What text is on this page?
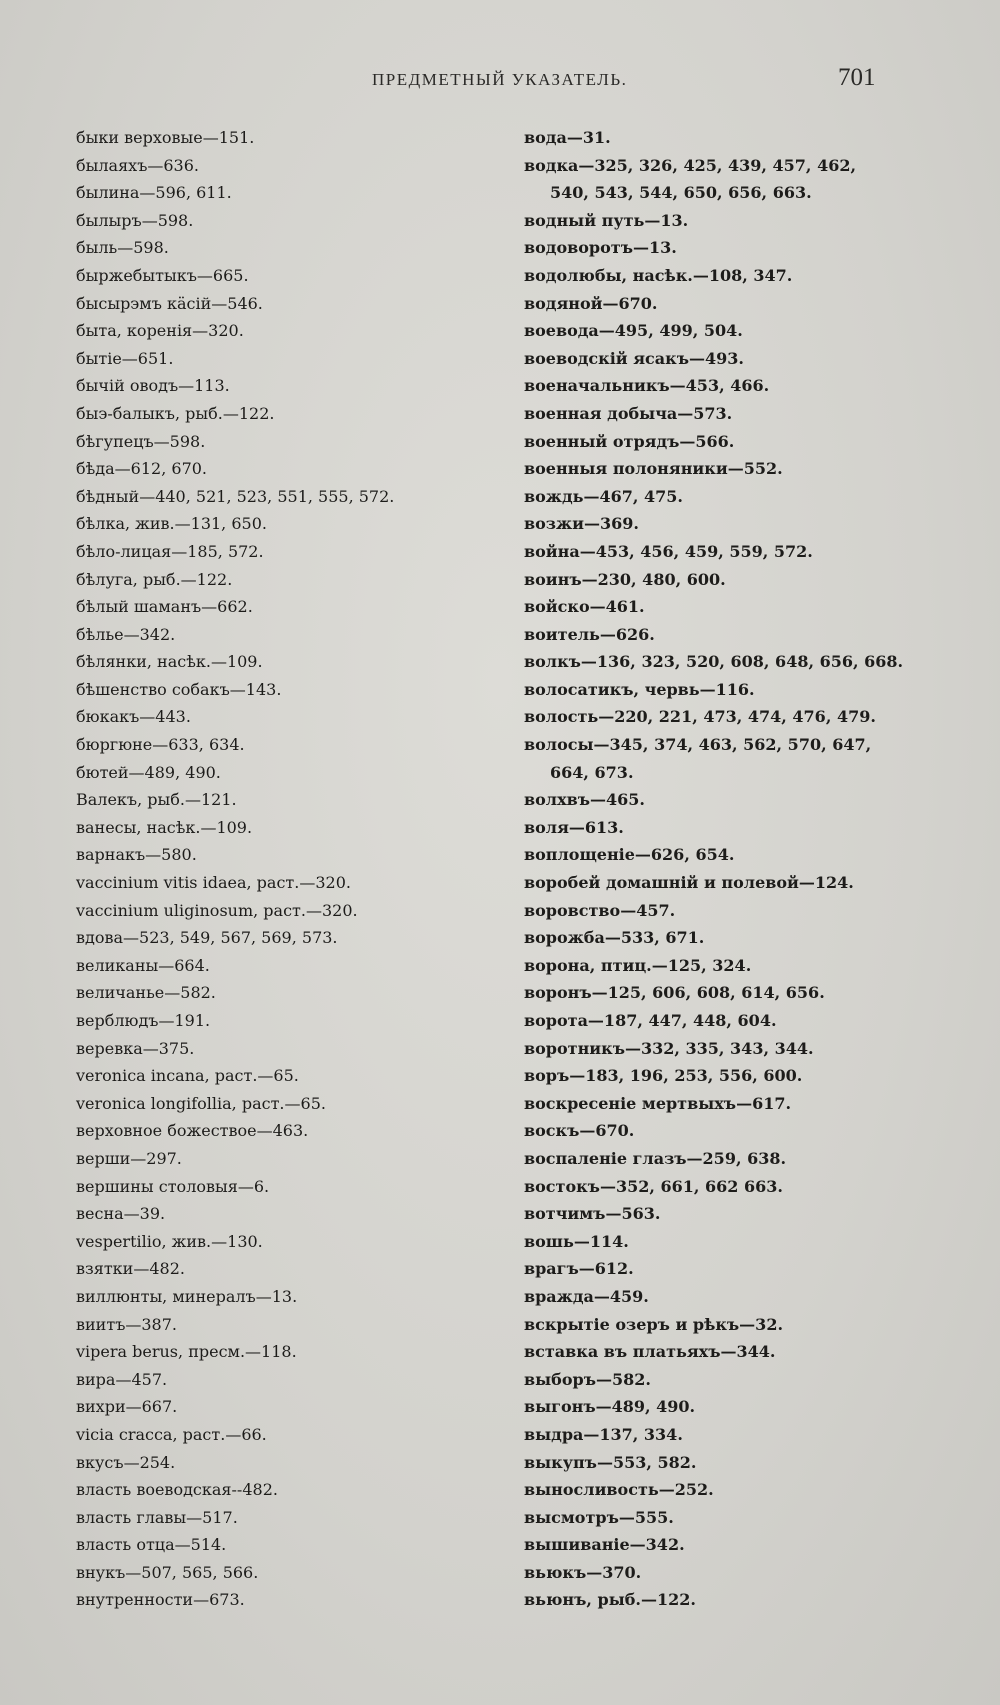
ПРЕДМЕТНЫЙ УКАЗАТЕЛЬ.	701
быки верховые—151.
былаяхъ—636.
былина—596, 611.
былыръ—598.
быль—598.
быржебытыкъ—665.
бысырэмъ кäсiй—546.
быта, коренiя—320.
бытiе—651.
бычiй оводъ—113.
быэ-балыкъ, рыб.—122.
бѣгупецъ—598.
бѣда—612, 670.
бѣдный—440, 521, 523, 551, 555, 572.
бѣлка, жив.—131, 650.
бѣло-лицая—185, 572.
бѣлуга, рыб.—122.
бѣлый шаманъ—662.
бѣлье—342.
бѣлянки, насѣк.—109.
бѣшенство собакъ—143.
бюкакъ—443.
бюргюне—633, 634.
бютей—489, 490.
Валекъ, рыб.—121.
ванесы, насѣк.—109.
варнакъ—580.
vaccinium vitis idaea, раст.—320.
vaccinium uliginosum, раст.—320.
вдова—523, 549, 567, 569, 573.
великаны—664.
величанье—582.
верблюдъ—191.
веревка—375.
veronica incana, раст.—65.
veronica longifollia, раст.—65.
верховное божествое—463.
верши—297.
вершины столовыя—6.
весна—39.
vespertilio, жив.—130.
взятки—482.
виллюнты, минералъ—13.
виитъ—387.
vipera berus, пресм.—118.
вира—457.
вихри—667.
vicia cracca, раст.—66.
вкусъ—254.
власть воеводская--482.
власть главы—517.
власть отца—514.
внукъ—507, 565, 566.
внутренности—673.
вода—31.
водка—325, 326, 425, 439, 457, 462,
540, 543, 544, 650, 656, 663.
водный путь—13.
водоворотъ—13.
водолюбы, насѣк.—108, 347.
водяной—670.
воевода—495, 499, 504.
воеводскiй ясакъ—493.
военачальникъ—453, 466.
военная добыча—573.
военный отрядъ—566.
военныя полоняники—552.
вождь—467, 475.
возжи—369.
война—453, 456, 459, 559, 572.
воинъ—230, 480, 600.
войско—461.
воитель—626.
волкъ—136, 323, 520, 608, 648, 656, 668.
волосатикъ, червь—116.
волость—220, 221, 473, 474, 476, 479.
волосы—345, 374, 463, 562, 570, 647,
664, 673.
волхвъ—465.
воля—613.
воплощенiе—626, 654.
воробей домашнiй и полевой—124.
воровство—457.
ворожба—533, 671.
ворона, птиц.—125, 324.
воронъ—125, 606, 608, 614, 656.
ворота—187, 447, 448, 604.
воротникъ—332, 335, 343, 344.
воръ—183, 196, 253, 556, 600.
воскресенiе мертвыхъ—617.
воскъ—670.
воспаленiе глазъ—259, 638.
востокъ—352, 661, 662 663.
вотчимъ—563.
вошь—114.
врагъ—612.
вражда—459.
вскрытiе озеръ и рѣкъ—32.
вставка въ платьяхъ—344.
выборъ—582.
выгонъ—489, 490.
выдра—137, 334.
выкупъ—553, 582.
выносливость—252.
высмотръ—555.
вышиванiе—342.
вьюкъ—370.
вьюнъ, рыб.—122.
